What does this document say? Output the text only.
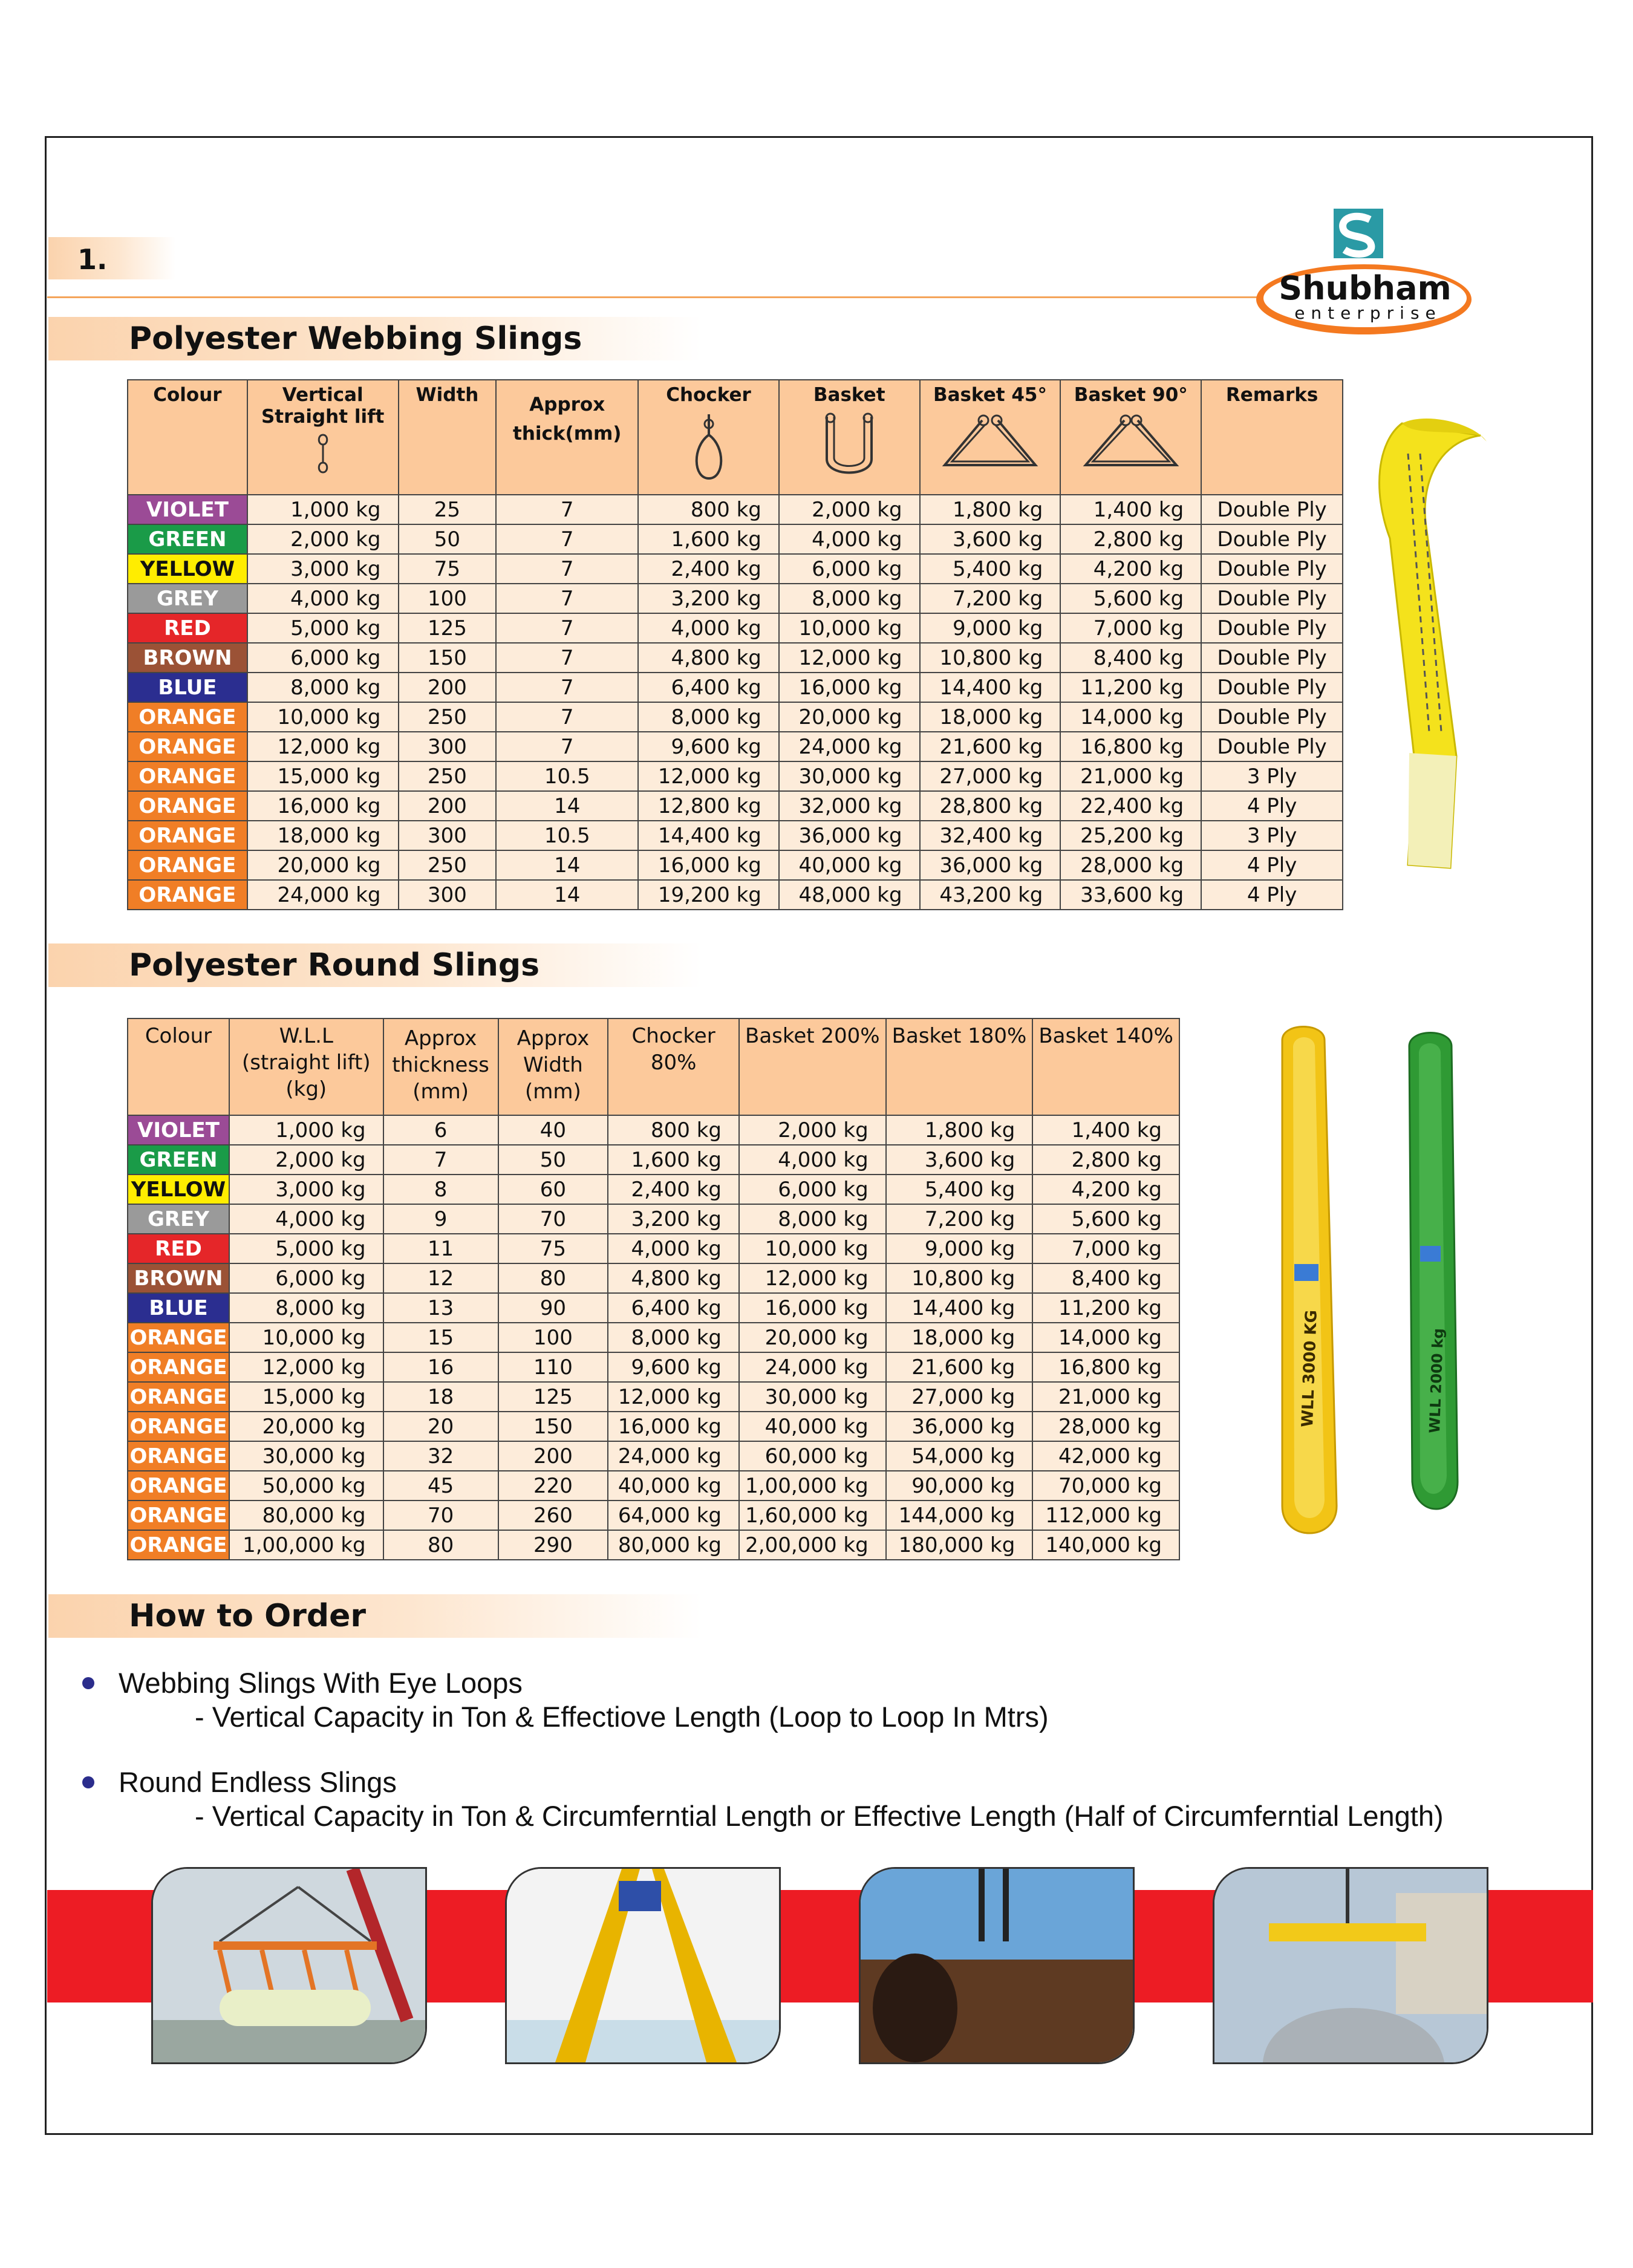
1.
Shubham
enterprise
Polyester Webbing Slings
Colour	Vertical Straight lift	Width	Approx thick(mm)	Chocker	Basket	Basket 45°	Basket 90°	Remarks
VIOLET	1,000 kg	25	7	800 kg	2,000 kg	1,800 kg	1,400 kg	Double Ply
GREEN	2,000 kg	50	7	1,600 kg	4,000 kg	3,600 kg	2,800 kg	Double Ply
YELLOW	3,000 kg	75	7	2,400 kg	6,000 kg	5,400 kg	4,200 kg	Double Ply
GREY	4,000 kg	100	7	3,200 kg	8,000 kg	7,200 kg	5,600 kg	Double Ply
RED	5,000 kg	125	7	4,000 kg	10,000 kg	9,000 kg	7,000 kg	Double Ply
BROWN	6,000 kg	150	7	4,800 kg	12,000 kg	10,800 kg	8,400 kg	Double Ply
BLUE	8,000 kg	200	7	6,400 kg	16,000 kg	14,400 kg	11,200 kg	Double Ply
ORANGE	10,000 kg	250	7	8,000 kg	20,000 kg	18,000 kg	14,000 kg	Double Ply
ORANGE	12,000 kg	300	7	9,600 kg	24,000 kg	21,600 kg	16,800 kg	Double Ply
ORANGE	15,000 kg	250	10.5	12,000 kg	30,000 kg	27,000 kg	21,000 kg	3 Ply
ORANGE	16,000 kg	200	14	12,800 kg	32,000 kg	28,800 kg	22,400 kg	4 Ply
ORANGE	18,000 kg	300	10.5	14,400 kg	36,000 kg	32,400 kg	25,200 kg	3 Ply
ORANGE	20,000 kg	250	14	16,000 kg	40,000 kg	36,000 kg	28,000 kg	4 Ply
ORANGE	24,000 kg	300	14	19,200 kg	48,000 kg	43,200 kg	33,600 kg	4 Ply
Polyester Round Slings
Colour	W.L.L (straight lift) (kg)	Approx thickness (mm)	Approx Width (mm)	Chocker 80%	Basket 200%	Basket 180%	Basket 140%
VIOLET	1,000 kg	6	40	800 kg	2,000 kg	1,800 kg	1,400 kg
GREEN	2,000 kg	7	50	1,600 kg	4,000 kg	3,600 kg	2,800 kg
YELLOW	3,000 kg	8	60	2,400 kg	6,000 kg	5,400 kg	4,200 kg
GREY	4,000 kg	9	70	3,200 kg	8,000 kg	7,200 kg	5,600 kg
RED	5,000 kg	11	75	4,000 kg	10,000 kg	9,000 kg	7,000 kg
BROWN	6,000 kg	12	80	4,800 kg	12,000 kg	10,800 kg	8,400 kg
BLUE	8,000 kg	13	90	6,400 kg	16,000 kg	14,400 kg	11,200 kg
ORANGE	10,000 kg	15	100	8,000 kg	20,000 kg	18,000 kg	14,000 kg
ORANGE	12,000 kg	16	110	9,600 kg	24,000 kg	21,600 kg	16,800 kg
ORANGE	15,000 kg	18	125	12,000 kg	30,000 kg	27,000 kg	21,000 kg
ORANGE	20,000 kg	20	150	16,000 kg	40,000 kg	36,000 kg	28,000 kg
ORANGE	30,000 kg	32	200	24,000 kg	60,000 kg	54,000 kg	42,000 kg
ORANGE	50,000 kg	45	220	40,000 kg	1,00,000 kg	90,000 kg	70,000 kg
ORANGE	80,000 kg	70	260	64,000 kg	1,60,000 kg	144,000 kg	112,000 kg
ORANGE	1,00,000 kg	80	290	80,000 kg	2,00,000 kg	180,000 kg	140,000 kg
WLL 3000 KG	WLL 2000 kg
How to Order
Webbing Slings With Eye Loops
- Vertical Capacity in Ton & Effectiove Length (Loop to Loop In Mtrs)
Round Endless Slings
- Vertical Capacity in Ton & Circumferntial Length or Effective Length (Half of Circumferntial Length)
